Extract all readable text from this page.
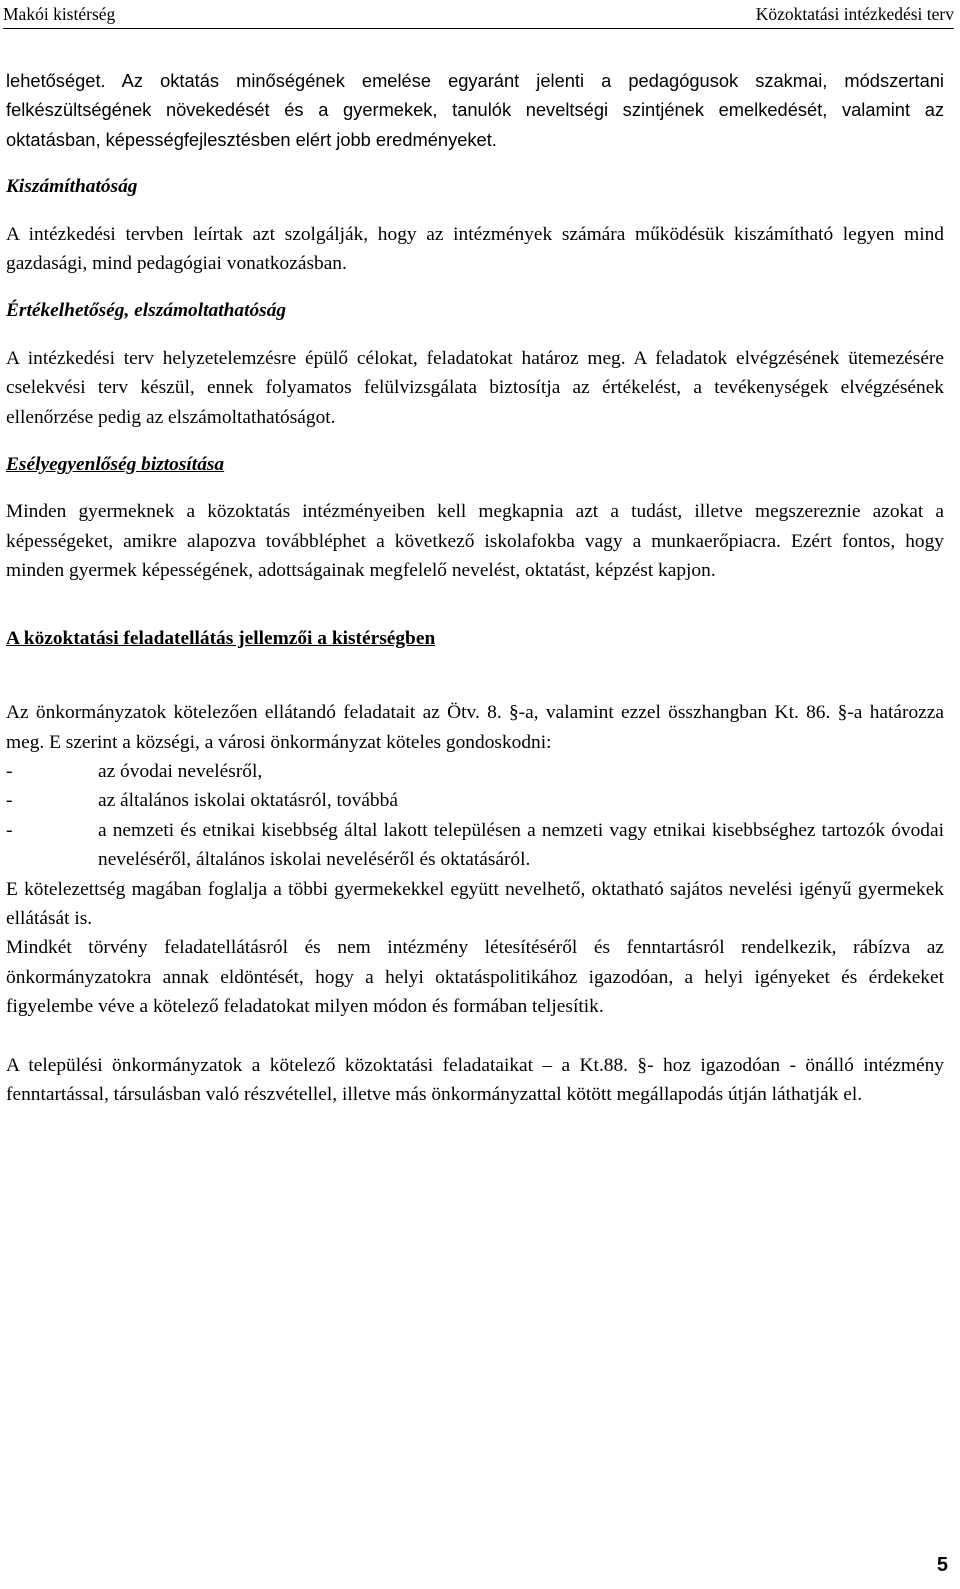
Makói kistérség	Közoktatási intézkedési terv

lehetőséget. Az oktatás minőségének emelése egyaránt jelenti a pedagógusok szakmai, módszertani felkészültségének növekedését és a gyermekek, tanulók neveltségi szintjének emelkedését, valamint az oktatásban, képességfejlesztésben elért jobb eredményeket.

Kiszámíthatóság

A intézkedési tervben leírtak azt szolgálják, hogy az intézmények számára működésük kiszámítható legyen mind gazdasági, mind pedagógiai vonatkozásban.

Értékelhetőség, elszámoltathatóság

A intézkedési terv helyzetelemzésre épülő célokat, feladatokat határoz meg. A feladatok elvégzésének ütemezésére cselekvési terv készül, ennek folyamatos felülvizsgálata biztosítja az értékelést, a tevékenységek elvégzésének ellenőrzése pedig az elszámoltathatóságot.

Esélyegyenlőség biztosítása

Minden gyermeknek a közoktatás intézményeiben kell megkapnia azt a tudást, illetve megszereznie azokat a képességeket, amikre alapozva továbbléphet a következő iskolafokba vagy a munkaerőpiacra. Ezért fontos, hogy minden gyermek képességének, adottságainak megfelelő nevelést, oktatást, képzést kapjon.

A közoktatási feladatellátás jellemzői a kistérségben

Az önkormányzatok kötelezően ellátandó feladatait az Ötv. 8. §-a, valamint ezzel összhangban Kt. 86. §-a határozza meg. E szerint a községi, a városi önkormányzat köteles gondoskodni:

-	az óvodai nevelésről,
-	az általános iskolai oktatásról, továbbá
-	a nemzeti és etnikai kisebbség által lakott településen a nemzeti vagy etnikai kisebbséghez tartozók óvodai neveléséről, általános iskolai neveléséről és oktatásáról.

E kötelezettség magában foglalja a többi gyermekekkel együtt nevelhető, oktatható sajátos nevelési igényű gyermekek ellátását is.

Mindkét törvény feladatellátásról és nem intézmény létesítéséről és fenntartásról rendelkezik, rábízva az önkormányzatokra annak eldöntését, hogy a helyi oktatáspolitikához igazodóan, a helyi igényeket és érdekeket figyelembe véve a kötelező feladatokat milyen módon és formában teljesítik.

A települési önkormányzatok a kötelező közoktatási feladataikat – a Kt.88. §- hoz igazodóan - önálló intézmény fenntartással, társulásban való részvétellel, illetve más önkormányzattal kötött megállapodás útján láthatják el.

5
